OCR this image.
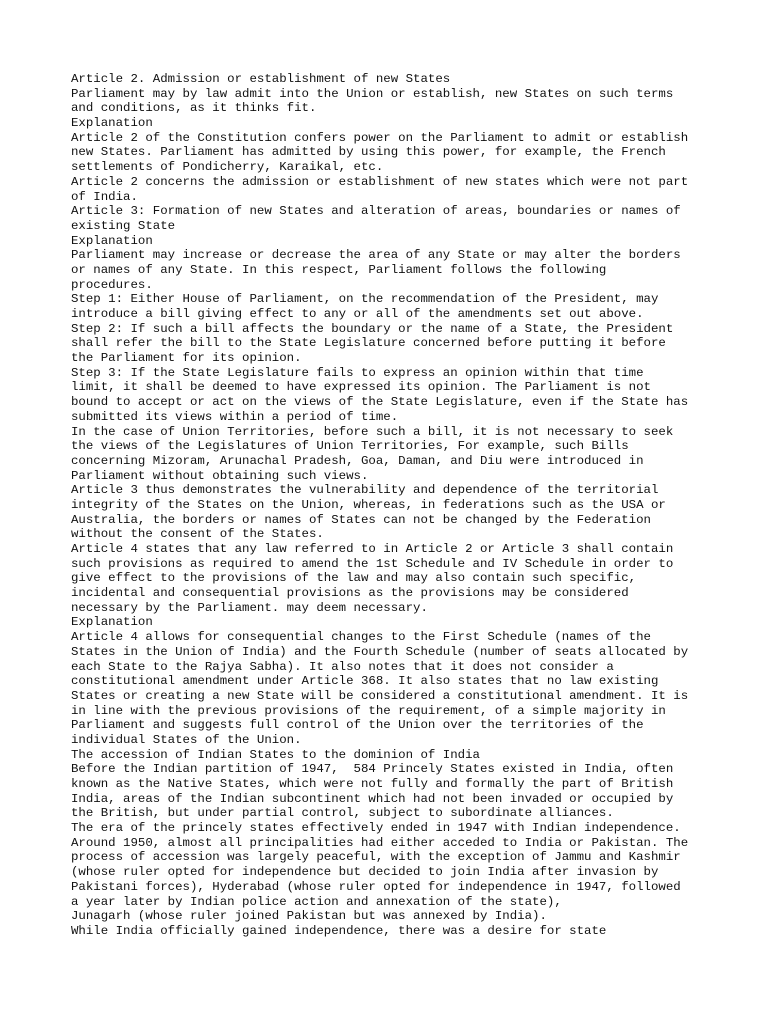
Article 2. Admission or establishment of new States
Parliament may by law admit into the Union or establish, new States on such terms
and conditions, as it thinks fit.
Explanation
Article 2 of the Constitution confers power on the Parliament to admit or establish
new States. Parliament has admitted by using this power, for example, the French
settlements of Pondicherry, Karaikal, etc.
Article 2 concerns the admission or establishment of new states which were not part
of India.
Article 3: Formation of new States and alteration of areas, boundaries or names of
existing State
Explanation
Parliament may increase or decrease the area of any State or may alter the borders
or names of any State. In this respect, Parliament follows the following
procedures.
Step 1: Either House of Parliament, on the recommendation of the President, may
introduce a bill giving effect to any or all of the amendments set out above.
Step 2: If such a bill affects the boundary or the name of a State, the President
shall refer the bill to the State Legislature concerned before putting it before
the Parliament for its opinion.
Step 3: If the State Legislature fails to express an opinion within that time
limit, it shall be deemed to have expressed its opinion. The Parliament is not
bound to accept or act on the views of the State Legislature, even if the State has
submitted its views within a period of time.
In the case of Union Territories, before such a bill, it is not necessary to seek
the views of the Legislatures of Union Territories, For example, such Bills
concerning Mizoram, Arunachal Pradesh, Goa, Daman, and Diu were introduced in
Parliament without obtaining such views.
Article 3 thus demonstrates the vulnerability and dependence of the territorial
integrity of the States on the Union, whereas, in federations such as the USA or
Australia, the borders or names of States can not be changed by the Federation
without the consent of the States.
Article 4 states that any law referred to in Article 2 or Article 3 shall contain
such provisions as required to amend the 1st Schedule and IV Schedule in order to
give effect to the provisions of the law and may also contain such specific,
incidental and consequential provisions as the provisions may be considered
necessary by the Parliament. may deem necessary.
Explanation
Article 4 allows for consequential changes to the First Schedule (names of the
States in the Union of India) and the Fourth Schedule (number of seats allocated by
each State to the Rajya Sabha). It also notes that it does not consider a
constitutional amendment under Article 368. It also states that no law existing
States or creating a new State will be considered a constitutional amendment. It is
in line with the previous provisions of the requirement, of a simple majority in
Parliament and suggests full control of the Union over the territories of the
individual States of the Union.
The accession of Indian States to the dominion of India
Before the Indian partition of 1947,  584 Princely States existed in India, often
known as the Native States, which were not fully and formally the part of British
India, areas of the Indian subcontinent which had not been invaded or occupied by
the British, but under partial control, subject to subordinate alliances.
The era of the princely states effectively ended in 1947 with Indian independence.
Around 1950, almost all principalities had either acceded to India or Pakistan. The
process of accession was largely peaceful, with the exception of Jammu and Kashmir
(whose ruler opted for independence but decided to join India after invasion by
Pakistani forces), Hyderabad (whose ruler opted for independence in 1947, followed
a year later by Indian police action and annexation of the state),
Junagarh (whose ruler joined Pakistan but was annexed by India).
While India officially gained independence, there was a desire for state
